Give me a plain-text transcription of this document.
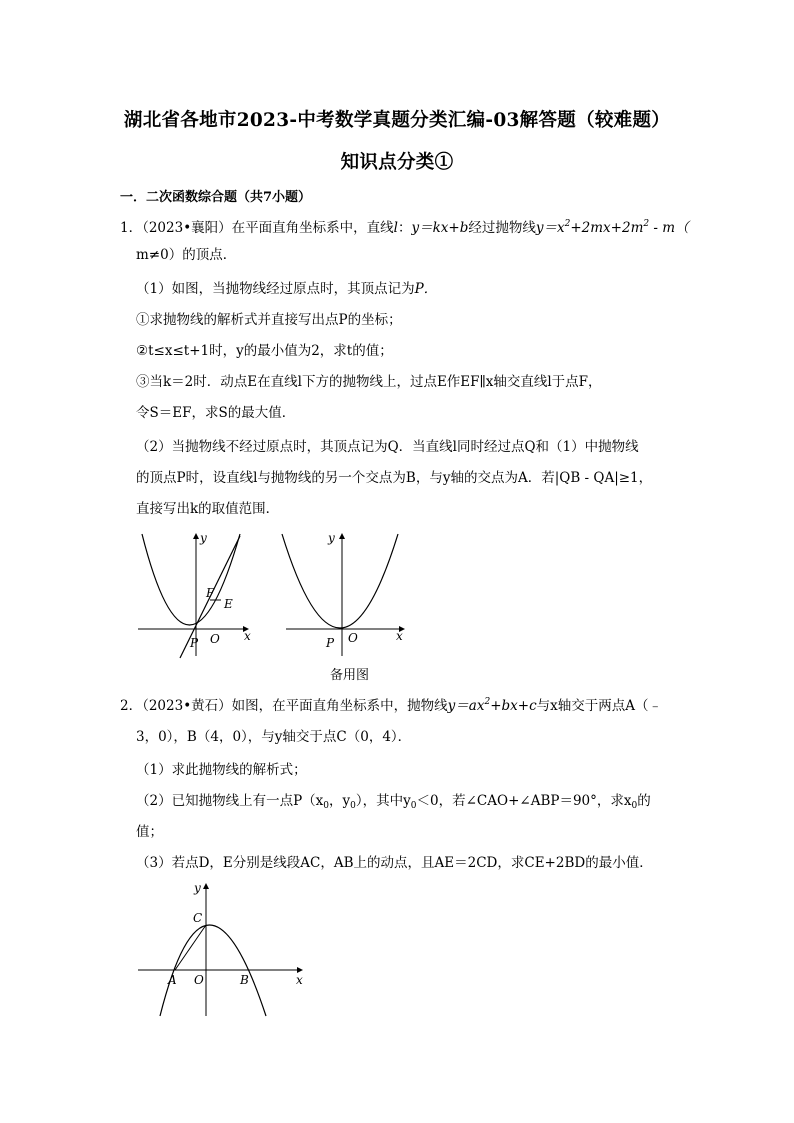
湖北省各地市2023-中考数学真题分类汇编-03解答题（较难题）
知识点分类①
一．二次函数综合题（共7小题）
1．（2023•襄阳）在平面直角坐标系中，直线l：y＝kx+b经过抛物线$y=x^2+2mx+2m^2 - m$（
m≠0）的顶点．
（1）如图，当抛物线经过原点时，其顶点记为P．
①求抛物线的解析式并直接写出点P的坐标；
②t≤x≤t+1时，y的最小值为2，求t的值；
③当k＝2时．动点E在直线l下方的抛物线上，过点E作EF∥x轴交直线l于点F，
令S＝EF，求S的最大值．
（2）当抛物线不经过原点时，其顶点记为Q．当直线l同时经过点Q和（1）中抛物线
的顶点P时，设直线l与抛物线的另一个交点为B，与y轴的交点为A．若|QB - QA|≥1，
直接写出k的取值范围．
y
x
O
P
F
E
y
x
O
P
备用图
2．（2023•黄石）如图，在平面直角坐标系中，抛物线$y=ax^2+bx+c$与x轴交于两点A（﹣
3，0），B（4，0），与y轴交于点C（0，4）．
（1）求此抛物线的解析式；
（2）已知抛物线上有一点$P(x_0$，$y_0$），其中$y_0<0$，若∠CAO+∠ABP＝90°，求$x_0$的
值；
（3）若点D，E分别是线段AC，AB上的动点，且AE＝2CD，求CE+2BD的最小值．
y
x
C
A O	B
